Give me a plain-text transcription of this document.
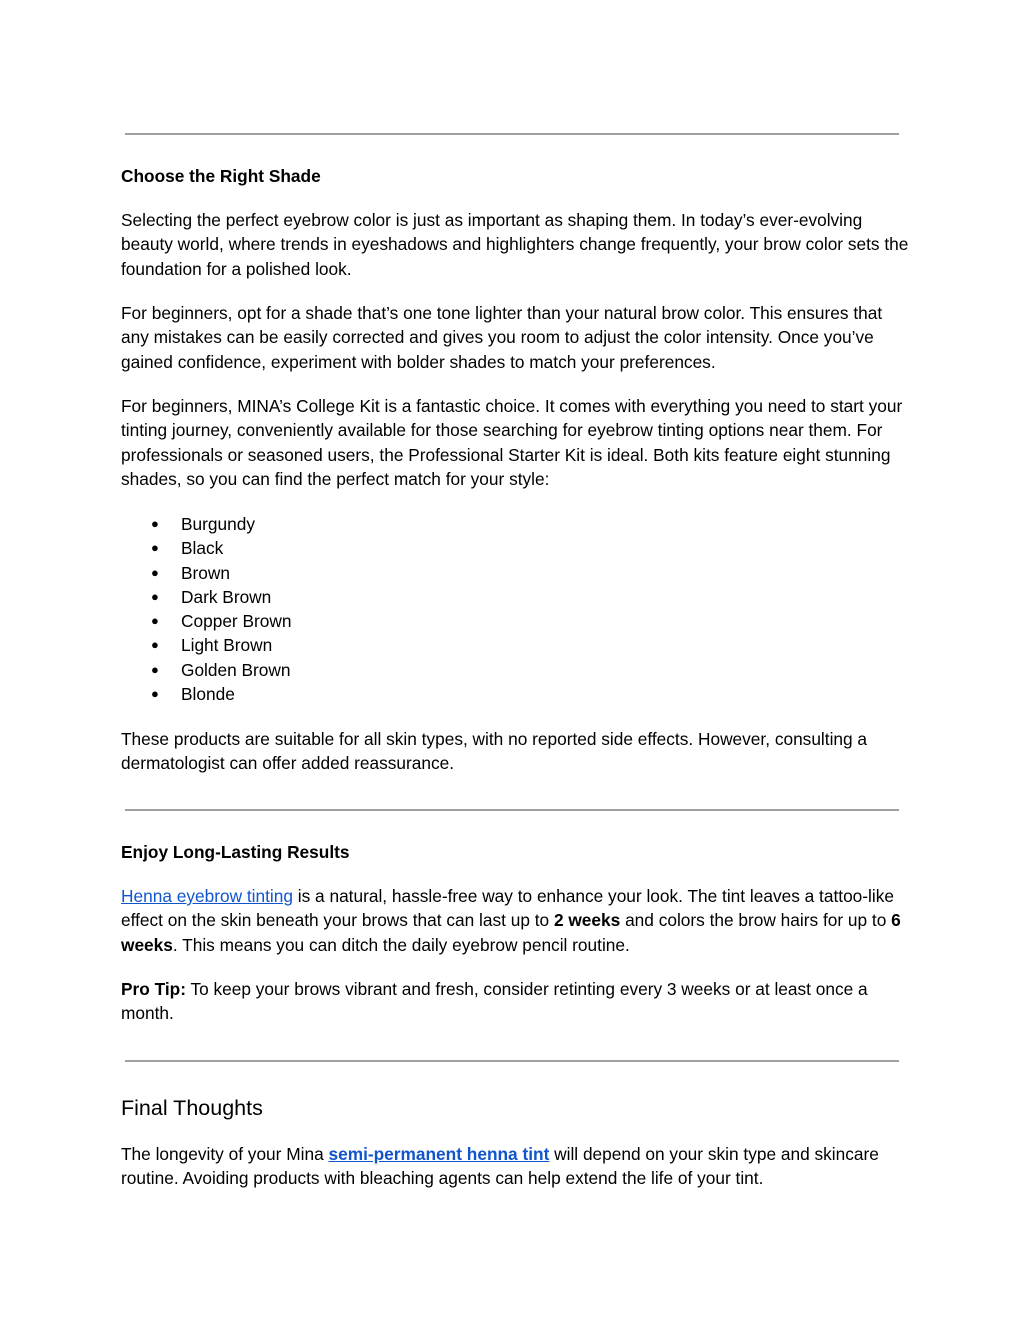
Choose the Right Shade
Selecting the perfect eyebrow color is just as important as shaping them. In today’s ever-evolving beauty world, where trends in eyeshadows and highlighters change frequently, your brow color sets the foundation for a polished look.
For beginners, opt for a shade that’s one tone lighter than your natural brow color. This ensures that any mistakes can be easily corrected and gives you room to adjust the color intensity. Once you’ve gained confidence, experiment with bolder shades to match your preferences.
For beginners, MINA’s College Kit is a fantastic choice. It comes with everything you need to start your tinting journey, conveniently available for those searching for eyebrow tinting options near them. For professionals or seasoned users, the Professional Starter Kit is ideal. Both kits feature eight stunning shades, so you can find the perfect match for your style:
● Burgundy
● Black
● Brown
● Dark Brown
● Copper Brown
● Light Brown
● Golden Brown
● Blonde
These products are suitable for all skin types, with no reported side effects. However, consulting a dermatologist can offer added reassurance.
Enjoy Long-Lasting Results
Henna eyebrow tinting is a natural, hassle-free way to enhance your look. The tint leaves a tattoo-like effect on the skin beneath your brows that can last up to 2 weeks and colors the brow hairs for up to 6 weeks. This means you can ditch the daily eyebrow pencil routine.
Pro Tip: To keep your brows vibrant and fresh, consider retinting every 3 weeks or at least once a month.
Final Thoughts
The longevity of your Mina semi-permanent henna tint will depend on your skin type and skincare routine. Avoiding products with bleaching agents can help extend the life of your tint.
